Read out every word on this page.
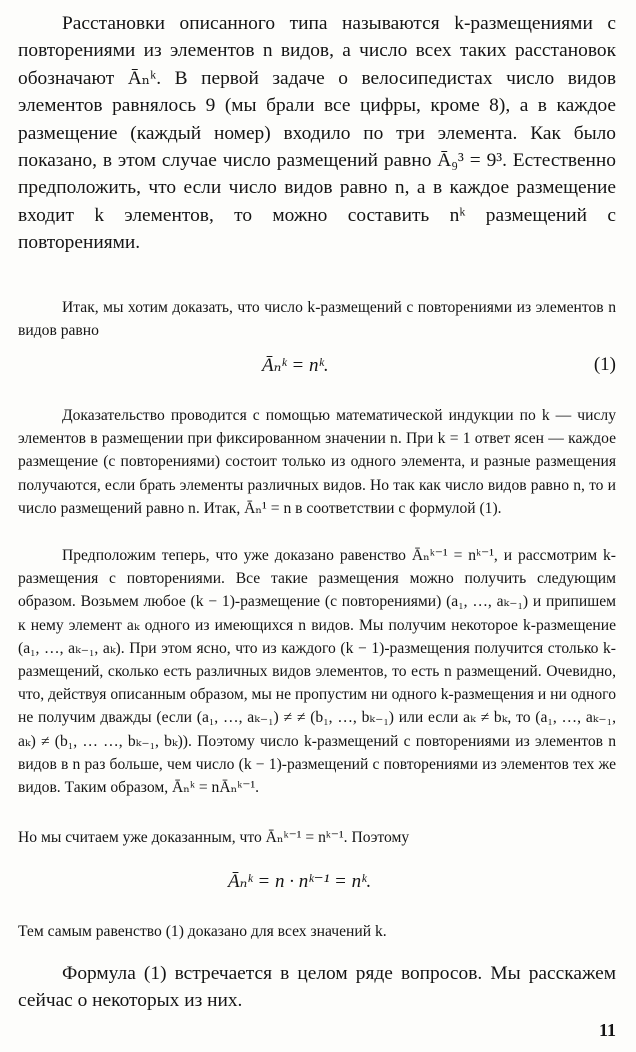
Расстановки описанного типа называются k-размещениями с повторениями из элементов n видов, а число всех таких расстановок обозначают Āₙᵏ. В первой задаче о велосипедистах число видов элементов равнялось 9 (мы брали все цифры, кроме 8), а в каждое размещение (каждый номер) входило по три элемента. Как было показано, в этом случае число размещений равно Ā₉³ = 9³. Естественно предположить, что если число видов равно n, а в каждое размещение входит k элементов, то можно составить nᵏ размещений с повторениями.

Итак, мы хотим доказать, что число k-размещений с повторениями из элементов n видов равно

Āₙᵏ = nᵏ.	(1)

Доказательство проводится с помощью математической индукции по k — числу элементов в размещении при фиксированном значении n. При k = 1 ответ ясен — каждое размещение (с повторениями) состоит только из одного элемента, и разные размещения получаются, если брать элементы различных видов. Но так как число видов равно n, то и число размещений равно n. Итак, Āₙ¹ = n в соответствии с формулой (1).

Предположим теперь, что уже доказано равенство Āₙᵏ⁻¹ = nᵏ⁻¹, и рассмотрим k-размещения с повторениями. Все такие размещения можно получить следующим образом. Возьмем любое (k − 1)-размещение (с повторениями) (a₁, …, aₖ₋₁) и припишем к нему элемент aₖ одного из имеющихся n видов. Мы получим некоторое k-размещение (a₁, …, aₖ₋₁, aₖ). При этом ясно, что из каждого (k − 1)-размещения получится столько k-размещений, сколько есть различных видов элементов, то есть n размещений. Очевидно, что, действуя описанным образом, мы не пропустим ни одного k-размещения и ни одного не получим дважды (если (a₁, …, aₖ₋₁) ≠ ≠ (b₁, …, bₖ₋₁) или если aₖ ≠ bₖ, то (a₁, …, aₖ₋₁, aₖ) ≠ (b₁, … …, bₖ₋₁, bₖ)). Поэтому число k-размещений с повторениями из элементов n видов в n раз больше, чем число (k − 1)-размещений с повторениями из элементов тех же видов. Таким образом, Āₙᵏ = nĀₙᵏ⁻¹.

Но мы считаем уже доказанным, что Āₙᵏ⁻¹ = nᵏ⁻¹. Поэтому

Āₙᵏ = n · nᵏ⁻¹ = nᵏ.

Тем самым равенство (1) доказано для всех значений k.

Формула (1) встречается в целом ряде вопросов. Мы расскажем сейчас о некоторых из них.

11
